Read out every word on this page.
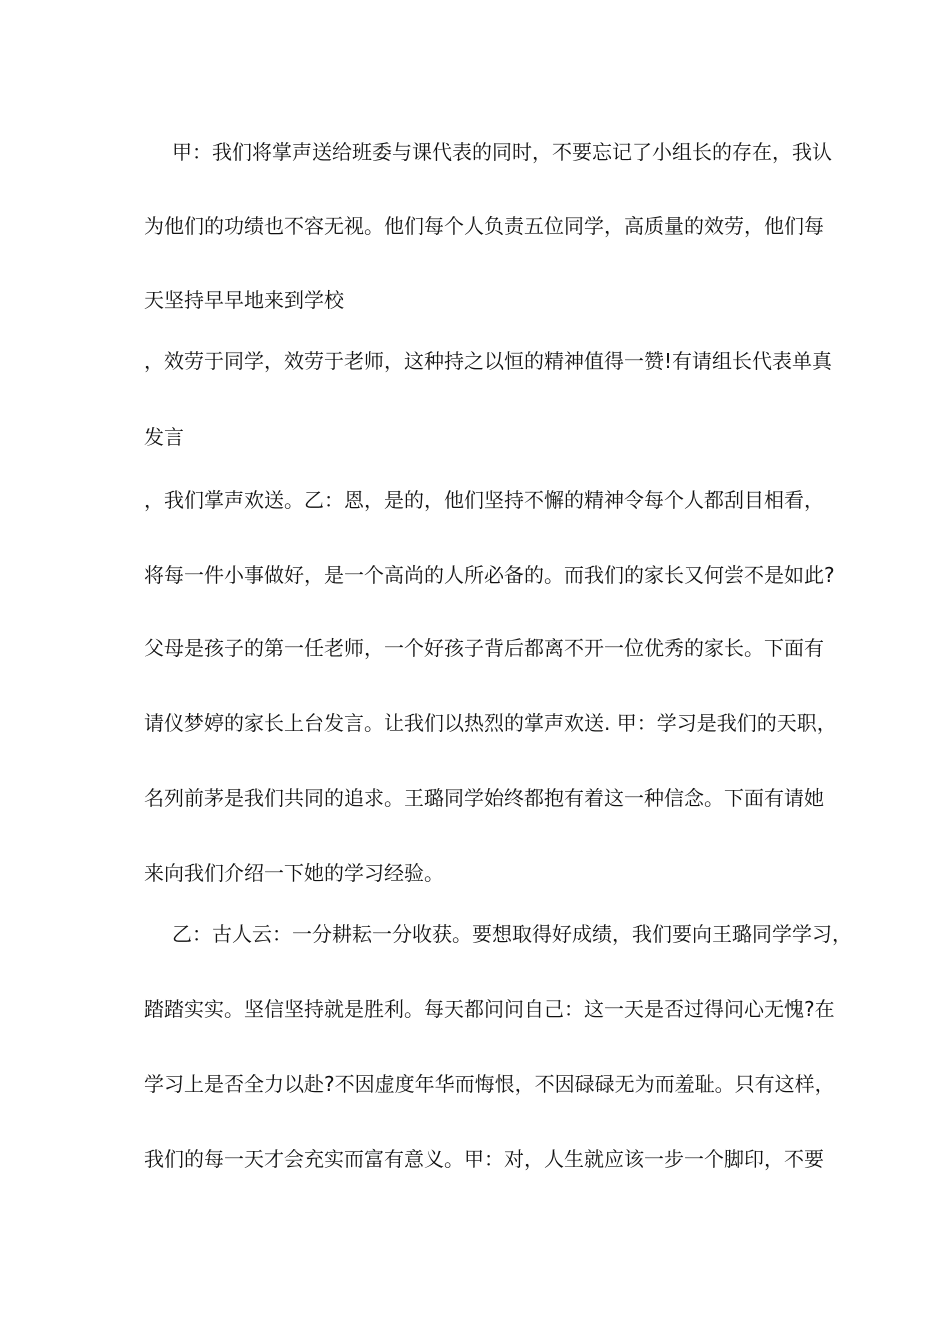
甲：我们将掌声送给班委与课代表的同时，不要忘记了小组长的存在，我认
为他们的功绩也不容无视。他们每个人负责五位同学，高质量的效劳，他们每
天坚持早早地来到学校
，效劳于同学，效劳于老师，这种持之以恒的精神值得一赞!有请组长代表单真
发言
，我们掌声欢送。乙：恩，是的，他们坚持不懈的精神令每个人都刮目相看，
将每一件小事做好，是一个高尚的人所必备的。而我们的家长又何尝不是如此?
父母是孩子的第一任老师，一个好孩子背后都离不开一位优秀的家长。下面有
请仪梦婷的家长上台发言。让我们以热烈的掌声欢送. 甲：学习是我们的天职，
名列前茅是我们共同的追求。王璐同学始终都抱有着这一种信念。下面有请她
来向我们介绍一下她的学习经验。
乙：古人云：一分耕耘一分收获。要想取得好成绩，我们要向王璐同学学习，
踏踏实实。坚信坚持就是胜利。每天都问问自己：这一天是否过得问心无愧?在
学习上是否全力以赴?不因虚度年华而悔恨，不因碌碌无为而羞耻。只有这样，
我们的每一天才会充实而富有意义。甲：对，人生就应该一步一个脚印，不要
